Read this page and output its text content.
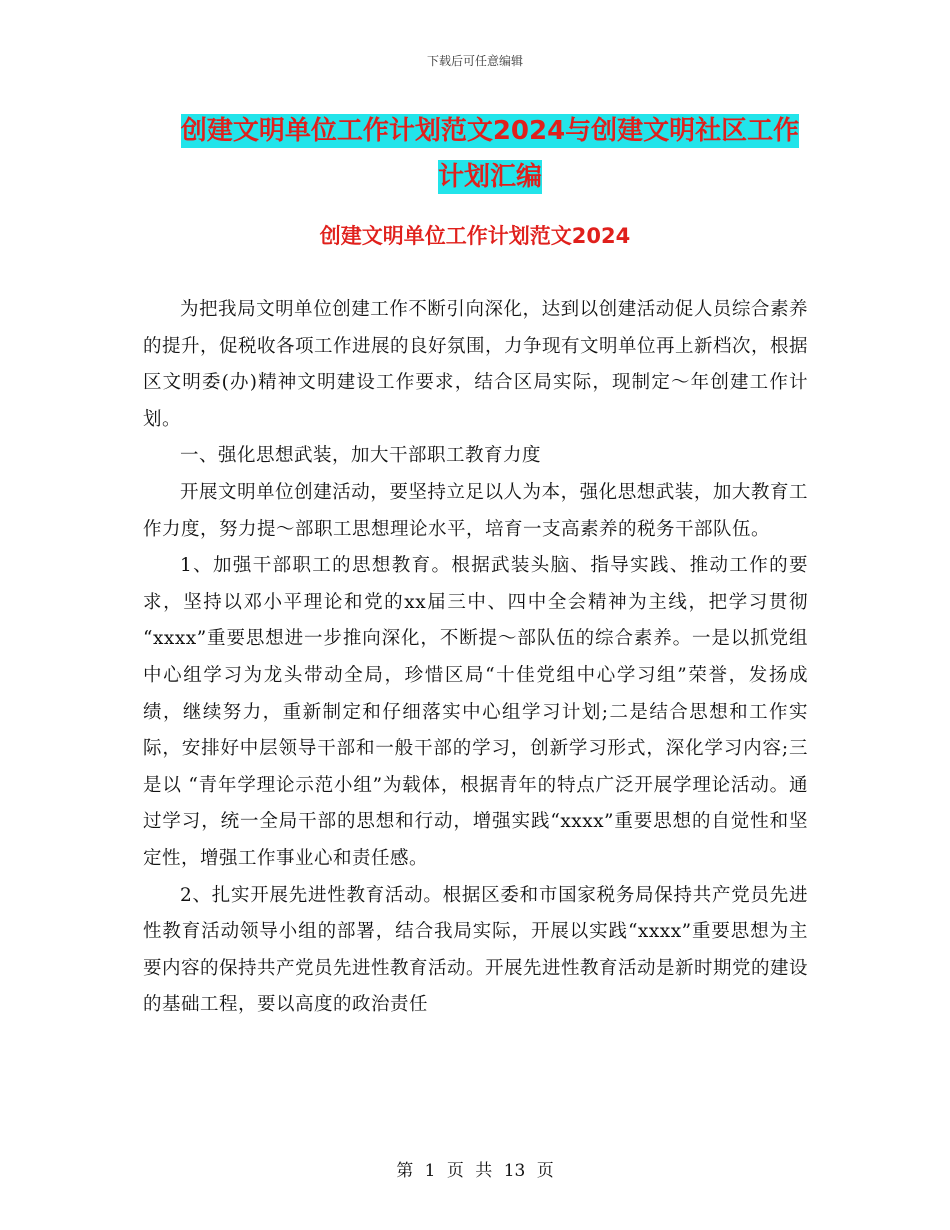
下载后可任意编辑
创建文明单位工作计划范文2024与创建文明社区工作
计划汇编
创建文明单位工作计划范文2024

为把我局文明单位创建工作不断引向深化，达到以创建活动促人员综合素养的提升，促税收各项工作进展的良好氛围，力争现有文明单位再上新档次，根据区文明委(办)精神文明建设工作要求，结合区局实际，现制定～年创建工作计划。

一、强化思想武装，加大干部职工教育力度

开展文明单位创建活动，要坚持立足以人为本，强化思想武装，加大教育工作力度，努力提～部职工思想理论水平，培育一支高素养的税务干部队伍。

1、加强干部职工的思想教育。根据武装头脑、指导实践、推动工作的要求，坚持以邓小平理论和党的xx届三中、四中全会精神为主线，把学习贯彻 “xxxx”重要思想进一步推向深化，不断提～部队伍的综合素养。一是以抓党组中心组学习为龙头带动全局，珍惜区局“十佳党组中心学习组”荣誉，发扬成绩，继续努力，重新制定和仔细落实中心组学习计划;二是结合思想和工作实际，安排好中层领导干部和一般干部的学习，创新学习形式，深化学习内容;三是以 “青年学理论示范小组”为载体，根据青年的特点广泛开展学理论活动。通过学习，统一全局干部的思想和行动，增强实践“xxxx”重要思想的自觉性和坚定性，增强工作事业心和责任感。

2、扎实开展先进性教育活动。根据区委和市国家税务局保持共产党员先进性教育活动领导小组的部署，结合我局实际，开展以实践“xxxx”重要思想为主要内容的保持共产党员先进性教育活动。开展先进性教育活动是新时期党的建设的基础工程，要以高度的政治责任

第 1 页 共 13 页
